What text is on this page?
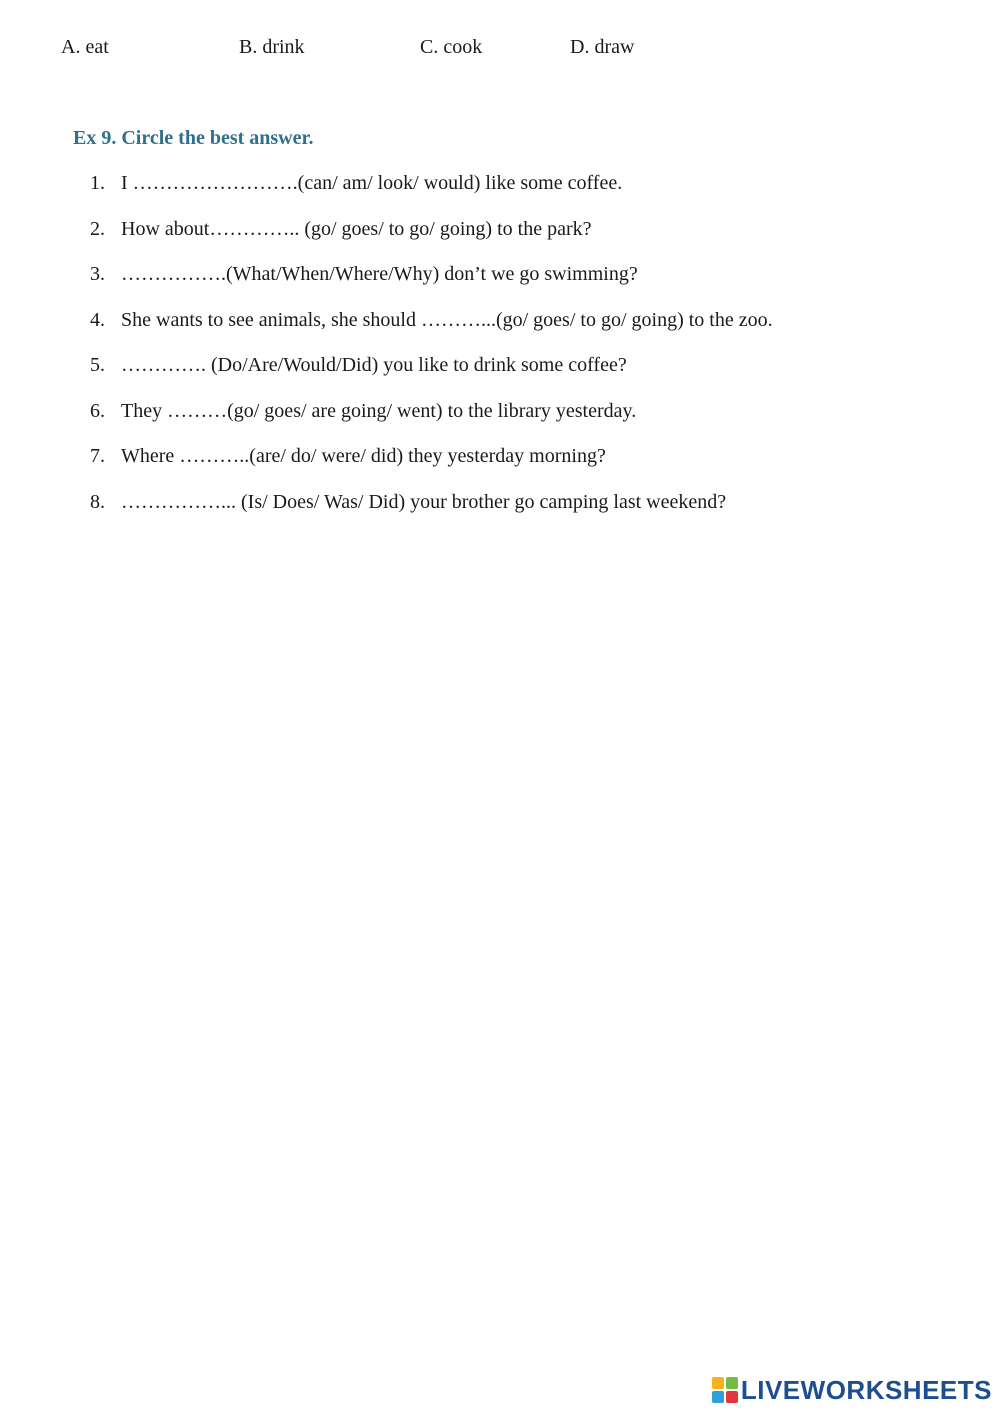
A. eat	B. drink	C. cook	D. draw
Ex 9. Circle the best answer.
1. I …………………….(can/ am/ look/ would) like some coffee.
2. How about………….. (go/ goes/ to go/ going) to the park?
3. …………….(What/When/Where/Why) don’t we go swimming?
4. She wants to see animals, she should ………...(go/ goes/ to go/ going) to the zoo.
5. …………. (Do/Are/Would/Did) you like to drink some coffee?
6. They ………(go/ goes/ are going/ went) to the library yesterday.
7. Where ………..(are/ do/ were/ did) they yesterday morning?
8. ……………... (Is/ Does/ Was/ Did) your brother go camping last weekend?
LIVEWORKSHEETS
